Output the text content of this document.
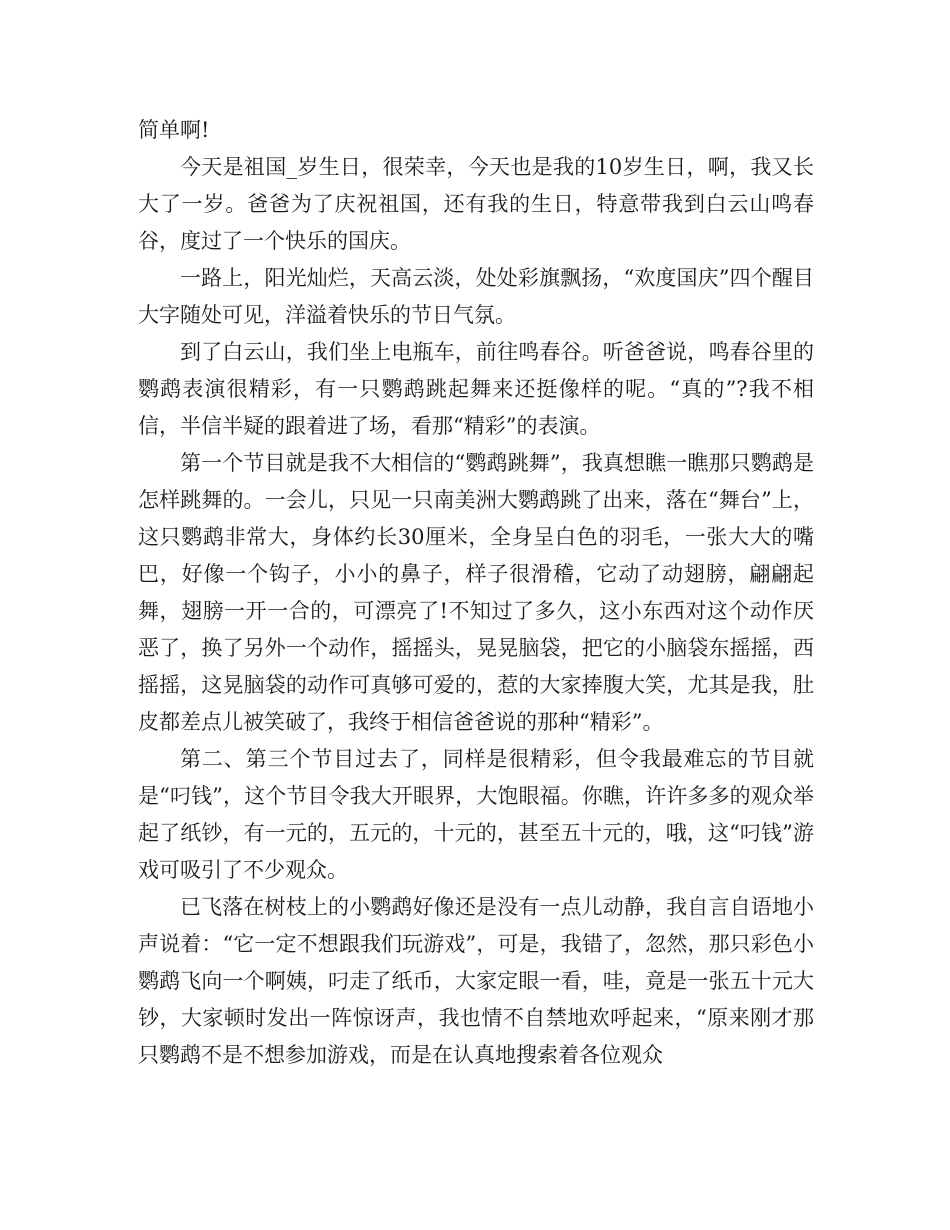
简单啊!

今天是祖国_岁生日，很荣幸，今天也是我的10岁生日，啊，我又长大了一岁。爸爸为了庆祝祖国，还有我的生日，特意带我到白云山鸣春谷，度过了一个快乐的国庆。

一路上，阳光灿烂，天高云淡，处处彩旗飘扬，“欢度国庆”四个醒目大字随处可见，洋溢着快乐的节日气氛。

到了白云山，我们坐上电瓶车，前往鸣春谷。听爸爸说，鸣春谷里的鹦鹉表演很精彩，有一只鹦鹉跳起舞来还挺像样的呢。“真的”?我不相信，半信半疑的跟着进了场，看那“精彩”的表演。

第一个节目就是我不大相信的“鹦鹉跳舞”，我真想瞧一瞧那只鹦鹉是怎样跳舞的。一会儿，只见一只南美洲大鹦鹉跳了出来，落在“舞台”上，这只鹦鹉非常大，身体约长30厘米，全身呈白色的羽毛，一张大大的嘴巴，好像一个钩子，小小的鼻子，样子很滑稽，它动了动翅膀，翩翩起舞，翅膀一开一合的，可漂亮了!不知过了多久，这小东西对这个动作厌恶了，换了另外一个动作，摇摇头，晃晃脑袋，把它的小脑袋东摇摇，西摇摇，这晃脑袋的动作可真够可爱的，惹的大家捧腹大笑，尤其是我，肚皮都差点儿被笑破了，我终于相信爸爸说的那种“精彩”。

第二、第三个节目过去了，同样是很精彩，但令我最难忘的节目就是“叼钱”，这个节目令我大开眼界，大饱眼福。你瞧，许许多多的观众举起了纸钞，有一元的，五元的，十元的，甚至五十元的，哦，这“叼钱”游戏可吸引了不少观众。

已飞落在树枝上的小鹦鹉好像还是没有一点儿动静，我自言自语地小声说着：“它一定不想跟我们玩游戏”，可是，我错了，忽然，那只彩色小鹦鹉飞向一个啊姨，叼走了纸币，大家定眼一看，哇，竟是一张五十元大钞，大家顿时发出一阵惊讶声，我也情不自禁地欢呼起来，“原来刚才那只鹦鹉不是不想参加游戏，而是在认真地搜索着各位观众
